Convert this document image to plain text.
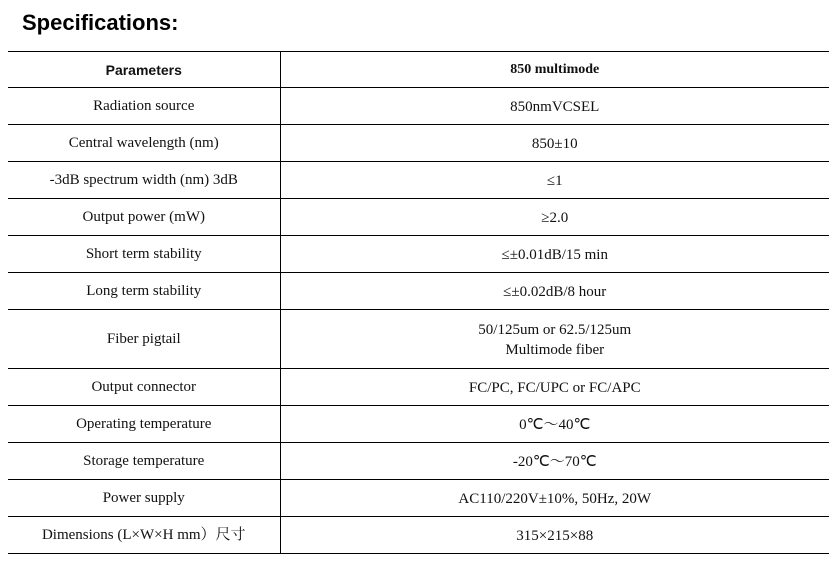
Specifications:
Parameters	850 multimode
Radiation source	850nmVCSEL
Central wavelength (nm)	850±10
-3dB spectrum width (nm) 3dB	≤1
Output power (mW)	≥2.0
Short term stability	≤±0.01dB/15 min
Long term stability	≤±0.02dB/8 hour
Fiber pigtail	50/125um or 62.5/125um
Multimode fiber

Output connector	FC/PC, FC/UPC or FC/APC
Operating temperature	0℃～40℃
Storage temperature	-20℃～70℃
Power supply	AC110/220V±10%, 50Hz, 20W
Dimensions (L×W×H mm）尺寸	315×215×88
